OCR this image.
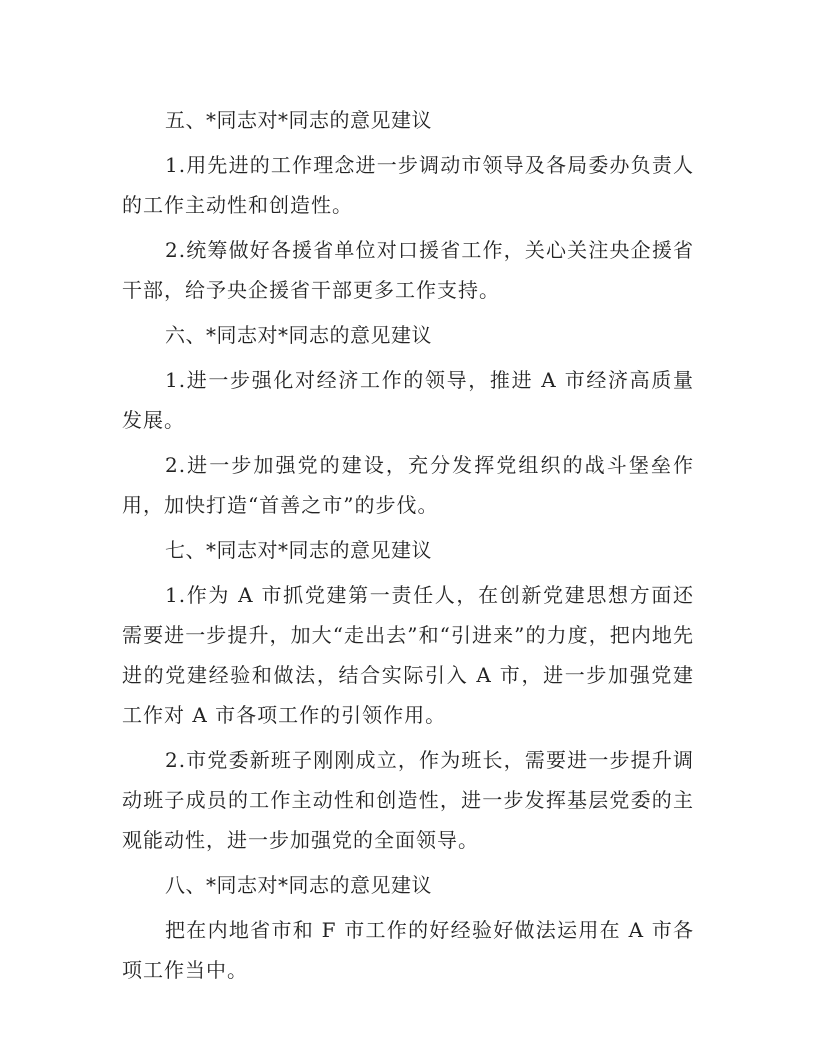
五、*同志对*同志的意见建议

1.用先进的工作理念进一步调动市领导及各局委办负责人的工作主动性和创造性。

2.统筹做好各援省单位对口援省工作，关心关注央企援省干部，给予央企援省干部更多工作支持。

六、*同志对*同志的意见建议

1.进一步强化对经济工作的领导，推进 A 市经济高质量发展。

2.进一步加强党的建设，充分发挥党组织的战斗堡垒作用，加快打造“首善之市”的步伐。

七、*同志对*同志的意见建议

1.作为 A 市抓党建第一责任人，在创新党建思想方面还需要进一步提升，加大“走出去”和“引进来”的力度，把内地先进的党建经验和做法，结合实际引入 A 市，进一步加强党建工作对 A 市各项工作的引领作用。

2.市党委新班子刚刚成立，作为班长，需要进一步提升调动班子成员的工作主动性和创造性，进一步发挥基层党委的主观能动性，进一步加强党的全面领导。

八、*同志对*同志的意见建议

把在内地省市和 F 市工作的好经验好做法运用在 A 市各项工作当中。
